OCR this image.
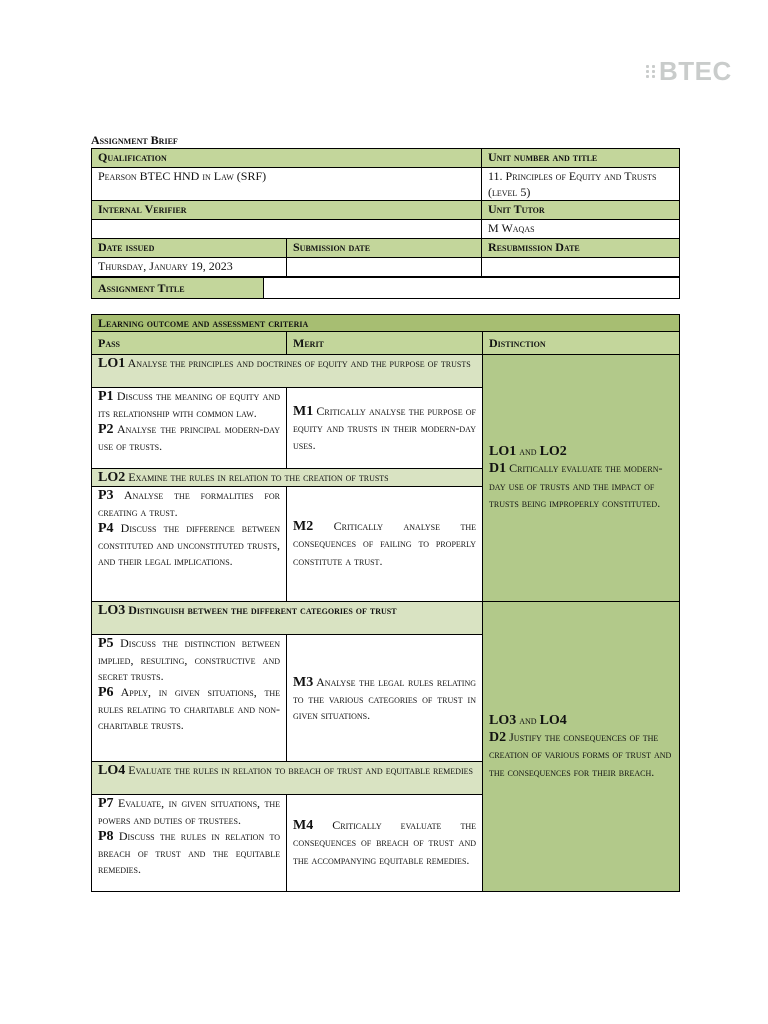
BTEC
Assignment Brief
Qualification		Unit number and title
Pearson BTEC HND in Law (SRF)		11. Principles of Equity and Trusts (level 5)
Internal Verifier		Unit Tutor
		M Waqas
Date issued	Submission date	Resubmission Date
Thursday, January 19, 2023		
Assignment Title	
Learning outcome and assessment criteria		
Pass	Merit	Distinction
LO1 Analyse the principles and doctrines of equity and the purpose of trusts		LO1 and LO2
D1 Critically evaluate the modern-day use of trusts and the impact of trusts being improperly constituted.

P1 Discuss the meaning of equity and its relationship with common law.

P2 Analyse the principal modern-day use of trusts.	M1 Critically analyse the purpose of equity and trusts in their modern-day uses.	
LO2 Examine the rules in relation to the creation of trusts		

P3 Analyse the formalities for creating a trust.

P4 Discuss the difference between constituted and unconstituted trusts, and their legal implications.	M2 Critically analyse the consequences of failing to properly constitute a trust.	
LO3 Distinguish between the different categories of trust		LO3 and LO4
D2 Justify the consequences of the creation of various forms of trust and the consequences for their breach.

P5 Discuss the distinction between implied, resulting, constructive and secret trusts.

P6 Apply, in given situations, the rules relating to charitable and non-charitable trusts.	M3 Analyse the legal rules relating to the various categories of trust in given situations.	
LO4 Evaluate the rules in relation to breach of trust and equitable remedies		

P7 Evaluate, in given situations, the powers and duties of trustees.

P8 Discuss the rules in relation to breach of trust and the equitable remedies.	M4 Critically evaluate the consequences of breach of trust and the accompanying equitable remedies.	
